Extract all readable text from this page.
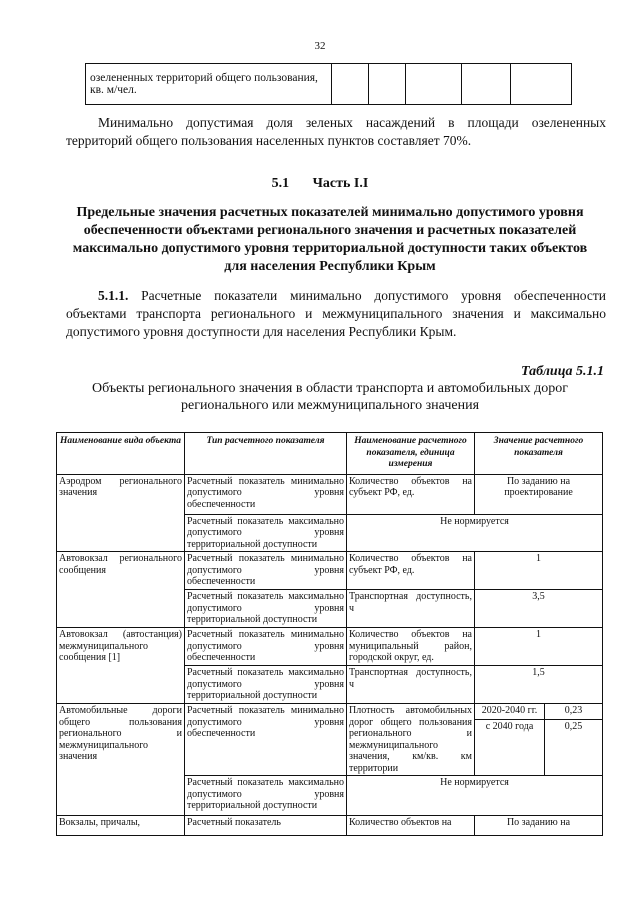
32
озелененных территорий общего пользования, кв. м/чел.					
Минимально допустимая доля зеленых насаждений в площади озелененных территорий общего пользования населенных пунктов составляет 70%.
5.1 Часть I.I
Предельные значения расчетных показателей минимально допустимого уровня обеспеченности объектами регионального значения и расчетных показателей максимально допустимого уровня территориальной доступности таких объектов для населения Республики Крым
5.1.1. Расчетные показатели минимально допустимого уровня обеспеченности объектами транспорта регионального и межмуниципального значения и максимально допустимого уровня доступности для населения Республики Крым.
Таблица 5.1.1
Объекты регионального значения в области транспорта и автомобильных дорог регионального или межмуниципального значения
Наименование вида объекта	Тип расчетного показателя	Наименование расчетного показателя, единица измерения	Значение расчетного показателя	
Аэродром регионального значения	Расчетный показатель минимально допустимого уровня обеспеченности	Количество объектов на субъект РФ, ед.	По заданию на проектирование	
	Расчетный показатель максимально допустимого уровня территориальной доступности	Не нормируется		
Автовокзал регионального сообщения	Расчетный показатель минимально допустимого уровня обеспеченности	Количество объектов на субъект РФ, ед.	1	
	Расчетный показатель максимально допустимого уровня территориальной доступности	Транспортная доступность, ч	3,5	
Автовокзал (автостанция) межмуниципального сообщения [1]	Расчетный показатель минимально допустимого уровня обеспеченности	Количество объектов на муниципальный район, городской округ, ед.	1	
	Расчетный показатель максимально допустимого уровня территориальной доступности	Транспортная доступность, ч	1,5	
Автомобильные дороги общего пользования регионального и межмуниципального значения	Расчетный показатель минимально допустимого уровня обеспеченности	Плотность автомобильных дорог общего пользования регионального и межмуниципального значения, км/кв. км территории	2020-2040 гг.	0,23
			с 2040 года	0,25
	Расчетный показатель максимально допустимого уровня территориальной доступности	Не нормируется		
Вокзалы, причалы,	Расчетный показатель	Количество объектов на	По заданию на	
